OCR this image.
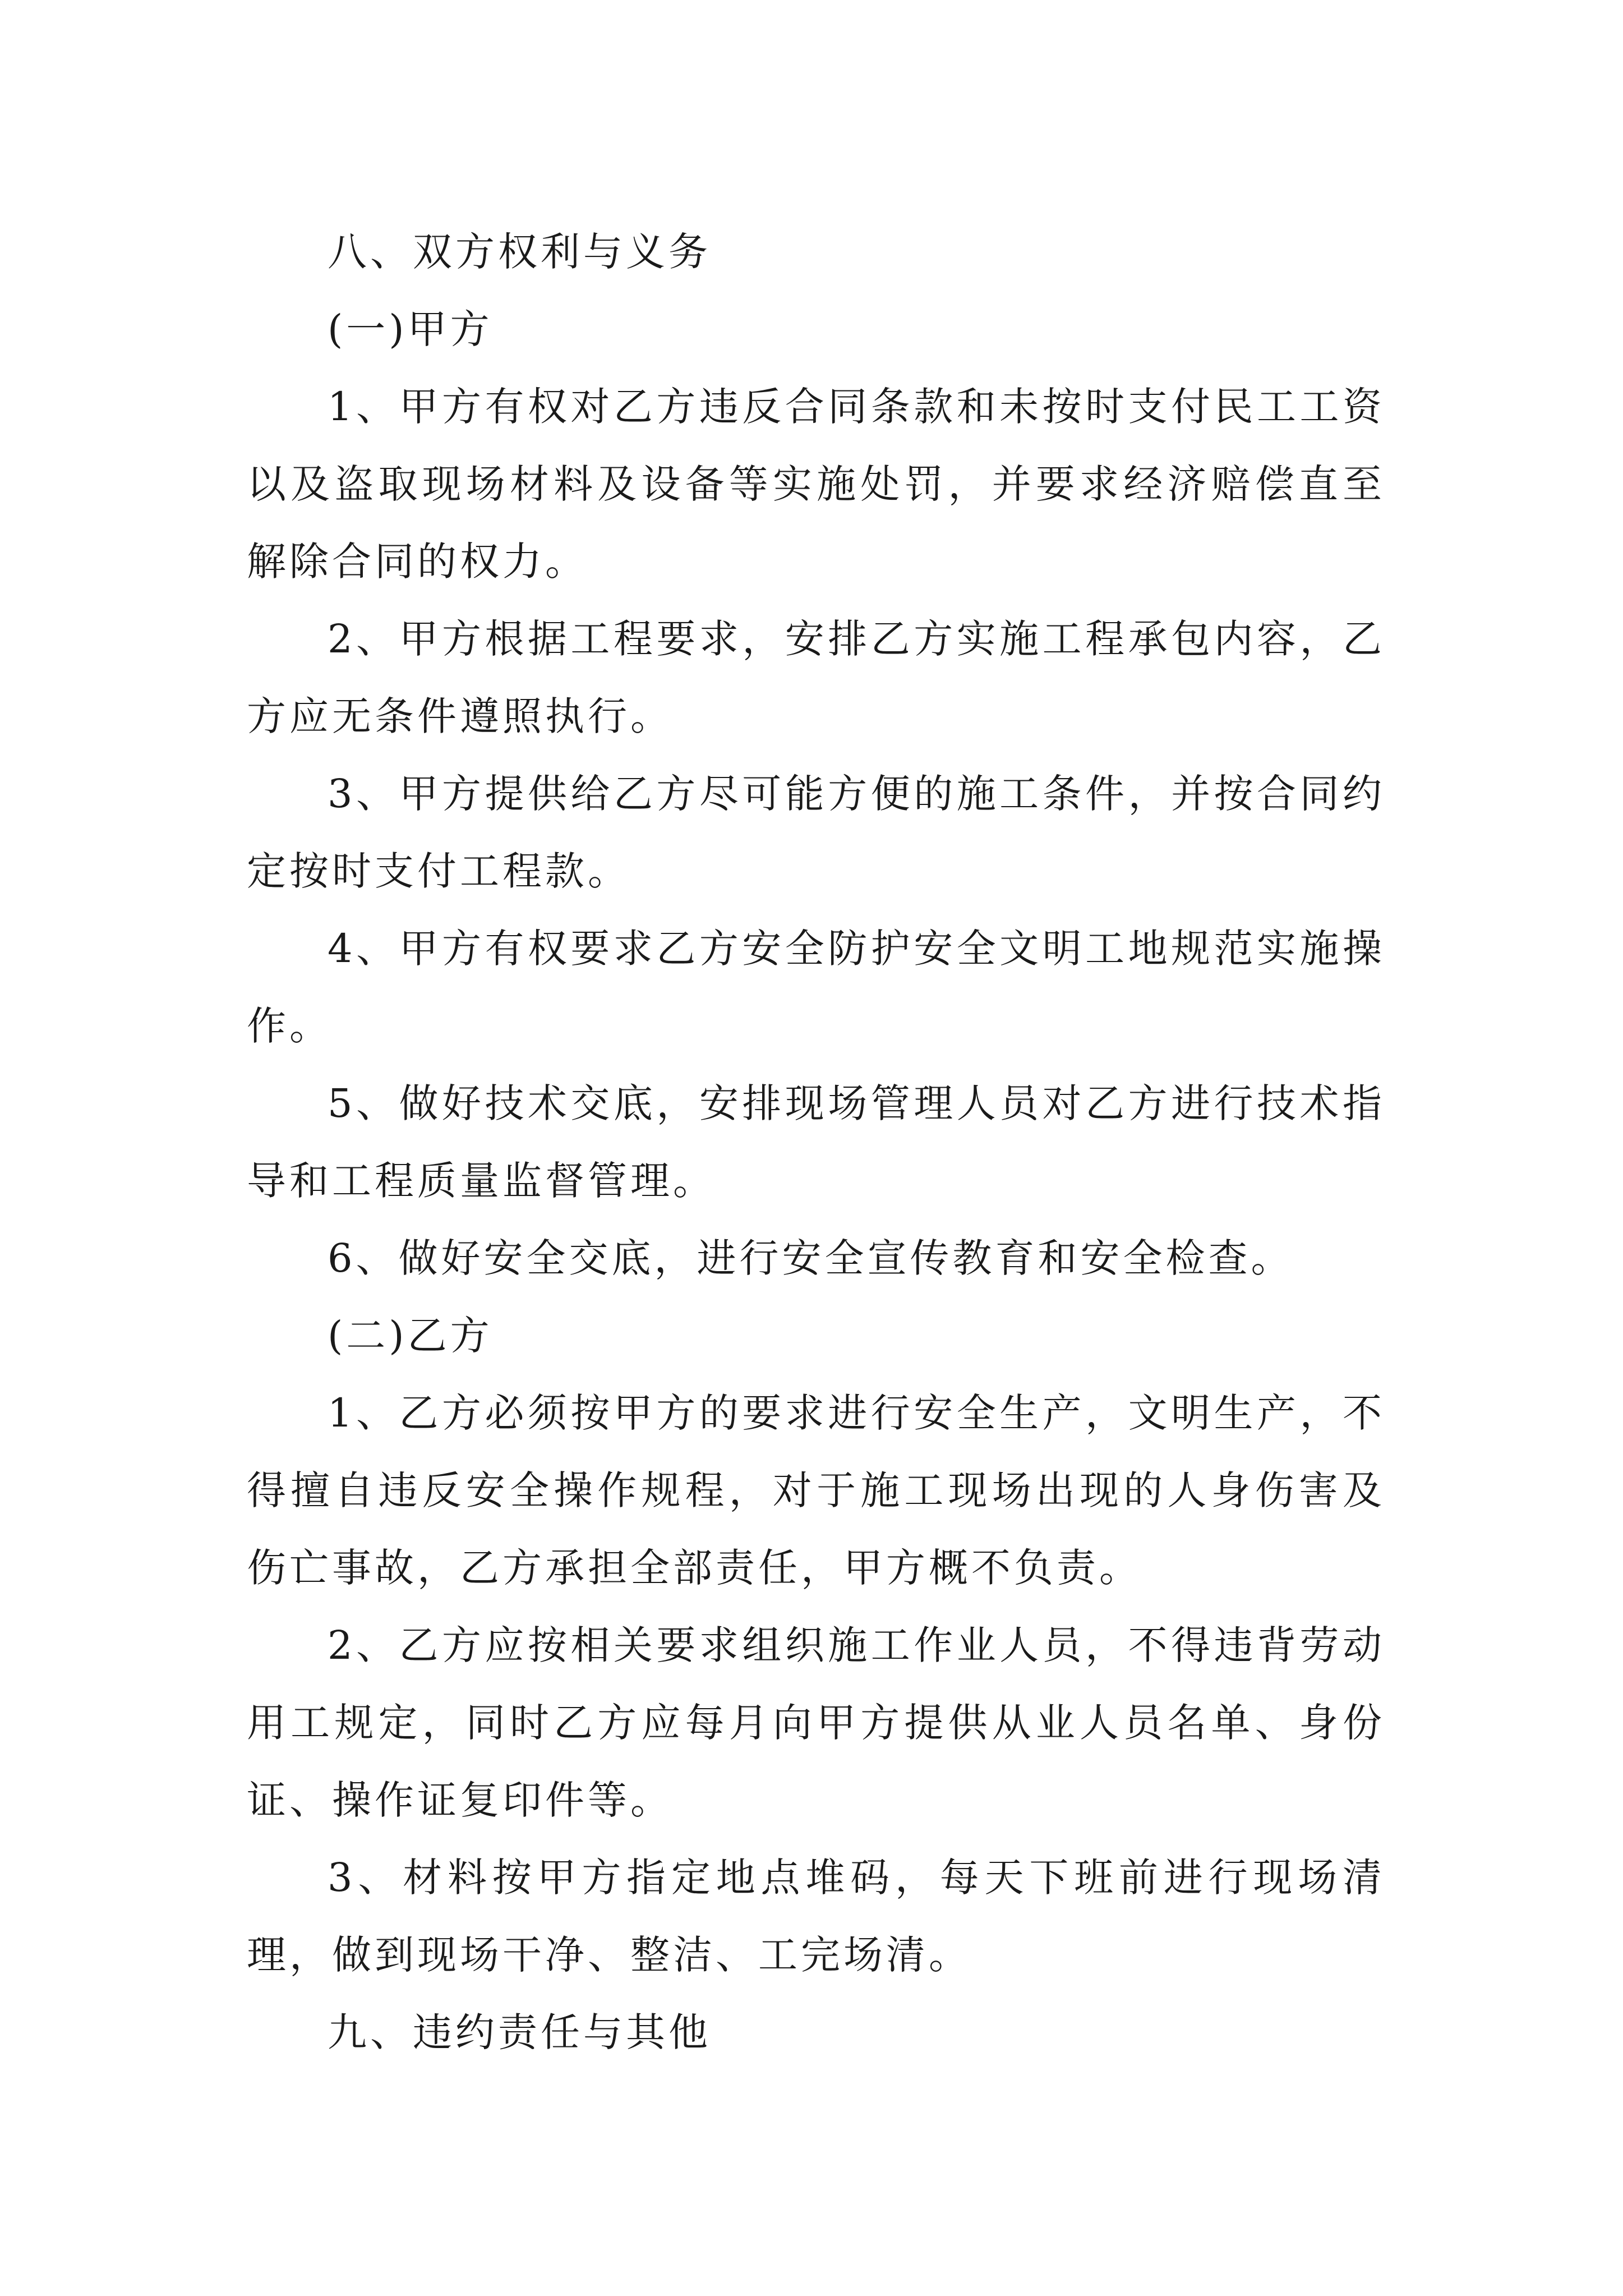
八、双方权利与义务

(一)甲方

1、甲方有权对乙方违反合同条款和未按时支付民工工资以及盗取现场材料及设备等实施处罚，并要求经济赔偿直至解除合同的权力。

2、甲方根据工程要求，安排乙方实施工程承包内容，乙方应无条件遵照执行。

3、甲方提供给乙方尽可能方便的施工条件，并按合同约定按时支付工程款。

4、甲方有权要求乙方安全防护安全文明工地规范实施操作。

5、做好技术交底，安排现场管理人员对乙方进行技术指导和工程质量监督管理。

6、做好安全交底，进行安全宣传教育和安全检查。

(二)乙方

1、乙方必须按甲方的要求进行安全生产，文明生产，不得擅自违反安全操作规程，对于施工现场出现的人身伤害及伤亡事故，乙方承担全部责任，甲方概不负责。

2、乙方应按相关要求组织施工作业人员，不得违背劳动用工规定，同时乙方应每月向甲方提供从业人员名单、身份证、操作证复印件等。

3、材料按甲方指定地点堆码，每天下班前进行现场清理，做到现场干净、整洁、工完场清。

九、违约责任与其他
